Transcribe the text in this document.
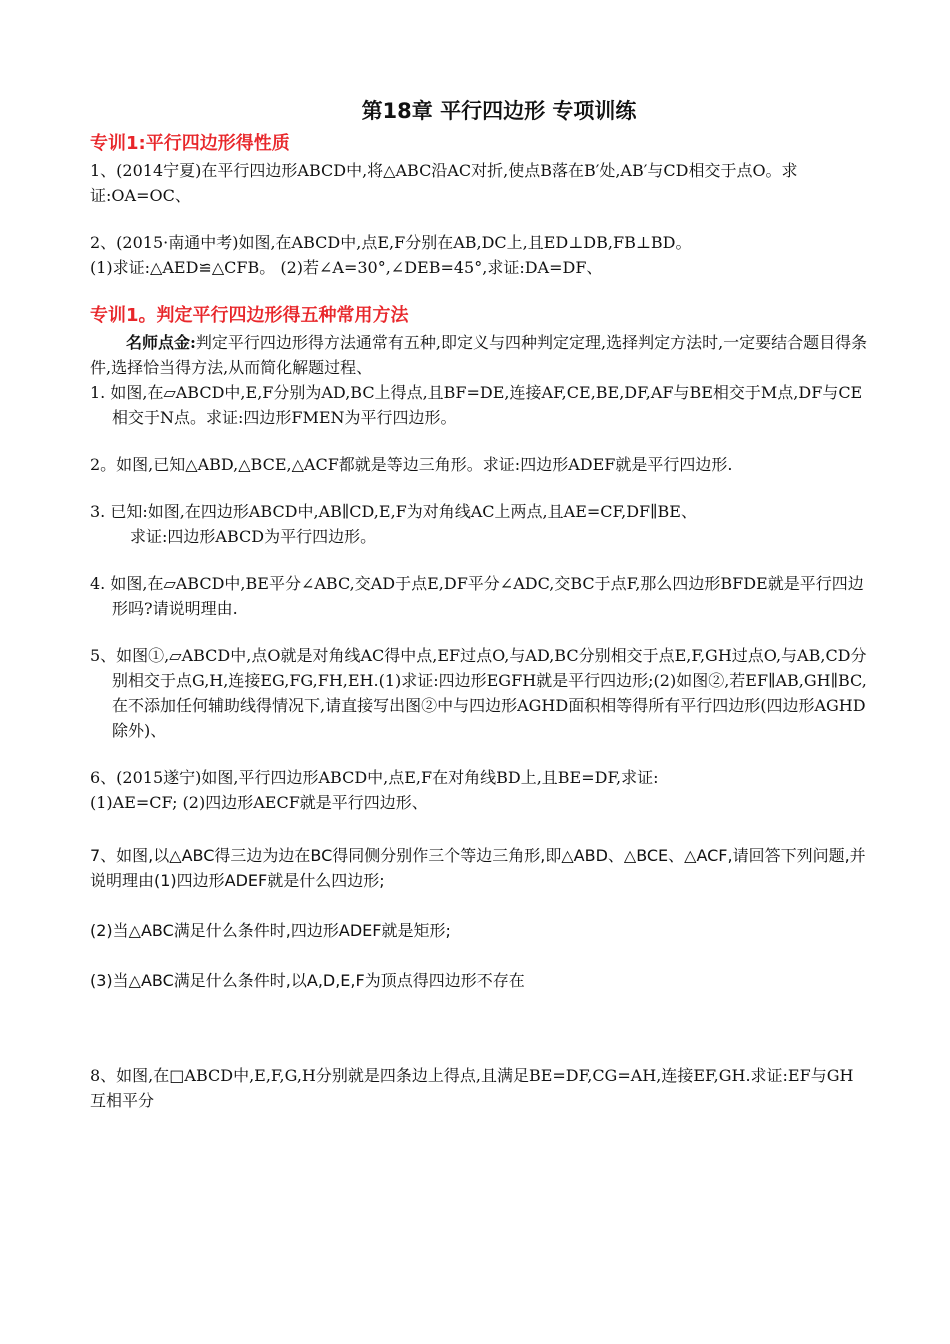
第18章 平行四边形 专项训练
专训1:平行四边形得性质

1、(2014宁夏)在平行四边形ABCD中,将△ABC沿AC对折,使点B落在B′处,AB′与CD相交于点O。求证:OA=OC、

2、(2015·南通中考)如图,在ABCD中,点E,F分别在AB,DC上,且ED⊥DB,FB⊥BD。

(1)求证:△AED≌△CFB。 (2)若∠A=30°,∠DEB=45°,求证:DA=DF、

专训1。判定平行四边形得五种常用方法

名师点金:判定平行四边形得方法通常有五种,即定义与四种判定定理,选择判定方法时,一定要结合题目得条件,选择恰当得方法,从而简化解题过程、

1. 如图,在▱ABCD中,E,F分别为AD,BC上得点,且BF=DE,连接AF,CE,BE,DF,AF与BE相交于M点,DF与CE相交于N点。求证:四边形FMEN为平行四边形。

2。如图,已知△ABD,△BCE,△ACF都就是等边三角形。求证:四边形ADEF就是平行四边形.

3. 已知:如图,在四边形ABCD中,AB∥CD,E,F为对角线AC上两点,且AE=CF,DF∥BE、

求证:四边形ABCD为平行四边形。

4. 如图,在▱ABCD中,BE平分∠ABC,交AD于点E,DF平分∠ADC,交BC于点F,那么四边形BFDE就是平行四边形吗?请说明理由.

5、如图①,▱ABCD中,点O就是对角线AC得中点,EF过点O,与AD,BC分别相交于点E,F,GH过点O,与AB,CD分别相交于点G,H,连接EG,FG,FH,EH.(1)求证:四边形EGFH就是平行四边形;(2)如图②,若EF∥AB,GH∥BC,在不添加任何辅助线得情况下,请直接写出图②中与四边形AGHD面积相等得所有平行四边形(四边形AGHD除外)、

6、(2015遂宁)如图,平行四边形ABCD中,点E,F在对角线BD上,且BE=DF,求证:

(1)AE=CF; (2)四边形AECF就是平行四边形、

7、如图,以△ABC得三边为边在BC得同侧分别作三个等边三角形,即△ABD、△BCE、△ACF,请回答下列问题,并说明理由(1)四边形ADEF就是什么四边形;

(2)当△ABC满足什么条件时,四边形ADEF就是矩形;

(3)当△ABC满足什么条件时,以A,D,E,F为顶点得四边形不存在

8、如图,在□ABCD中,E,F,G,H分别就是四条边上得点,且满足BE=DF,CG=AH,连接EF,GH.求证:EF与GH互相平分
